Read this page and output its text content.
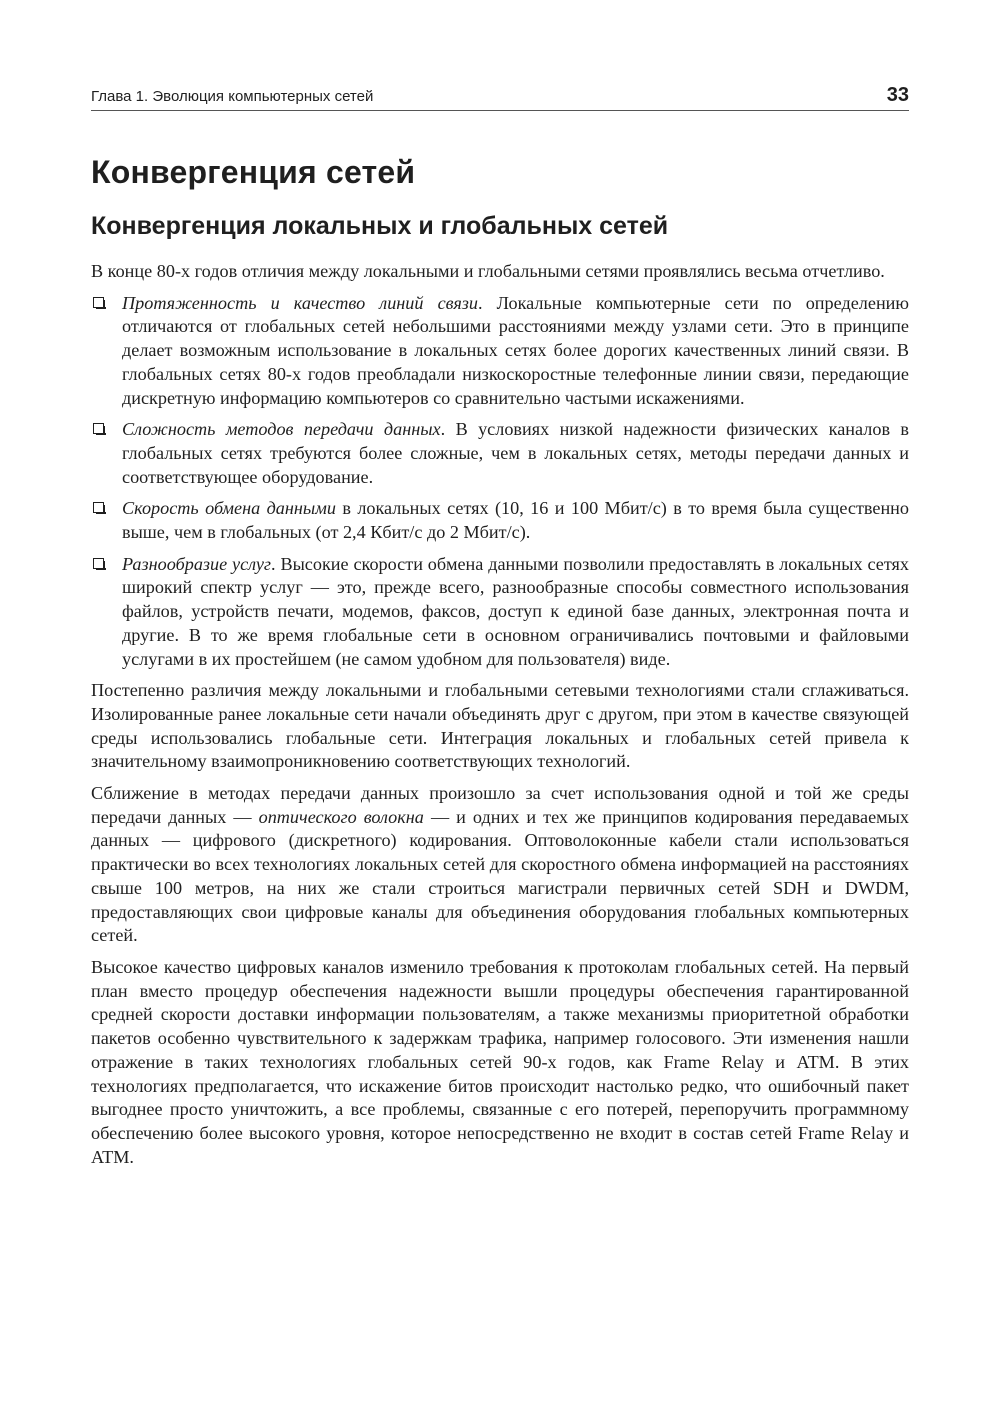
Глава 1. Эволюция компьютерных сетей	33
Конвергенция сетей
Конвергенция локальных и глобальных сетей

В конце 80-х годов отличия между локальными и глобальными сетями проявлялись весьма отчетливо.

Протяженность и качество линий связи. Локальные компьютерные сети по определению отличаются от глобальных сетей небольшими расстояниями между узлами сети. Это в принципе делает возможным использование в локальных сетях более дорогих качественных линий связи. В глобальных сетях 80-х годов преобладали низкоскоростные телефонные линии связи, передающие дискретную информацию компьютеров со сравнительно частыми искажениями.
Сложность методов передачи данных. В условиях низкой надежности физических каналов в глобальных сетях требуются более сложные, чем в локальных сетях, методы передачи данных и соответствующее оборудование.
Скорость обмена данными в локальных сетях (10, 16 и 100 Мбит/с) в то время была существенно выше, чем в глобальных (от 2,4 Кбит/с до 2 Мбит/с).
Разнообразие услуг. Высокие скорости обмена данными позволили предоставлять в локальных сетях широкий спектр услуг — это, прежде всего, разнообразные способы совместного использования файлов, устройств печати, модемов, факсов, доступ к единой базе данных, электронная почта и другие. В то же время глобальные сети в основном ограничивались почтовыми и файловыми услугами в их простейшем (не самом удобном для пользователя) виде.

Постепенно различия между локальными и глобальными сетевыми технологиями стали сглаживаться. Изолированные ранее локальные сети начали объединять друг с другом, при этом в качестве связующей среды использовались глобальные сети. Интеграция локальных и глобальных сетей привела к значительному взаимопроникновению соответствующих технологий.

Сближение в методах передачи данных произошло за счет использования одной и той же среды передачи данных — оптического волокна — и одних и тех же принципов кодирования передаваемых данных — цифрового (дискретного) кодирования. Оптоволоконные кабели стали использоваться практически во всех технологиях локальных сетей для скоростного обмена информацией на расстояниях свыше 100 метров, на них же стали строиться магистрали первичных сетей SDH и DWDM, предоставляющих свои цифровые каналы для объединения оборудования глобальных компьютерных сетей.

Высокое качество цифровых каналов изменило требования к протоколам глобальных сетей. На первый план вместо процедур обеспечения надежности вышли процедуры обеспечения гарантированной средней скорости доставки информации пользователям, а также механизмы приоритетной обработки пакетов особенно чувствительного к задержкам трафика, например голосового. Эти изменения нашли отражение в таких технологиях глобальных сетей 90-х годов, как Frame Relay и ATM. В этих технологиях предполагается, что искажение битов происходит настолько редко, что ошибочный пакет выгоднее просто уничтожить, а все проблемы, связанные с его потерей, перепоручить программному обеспечению более высокого уровня, которое непосредственно не входит в состав сетей Frame Relay и ATM.
